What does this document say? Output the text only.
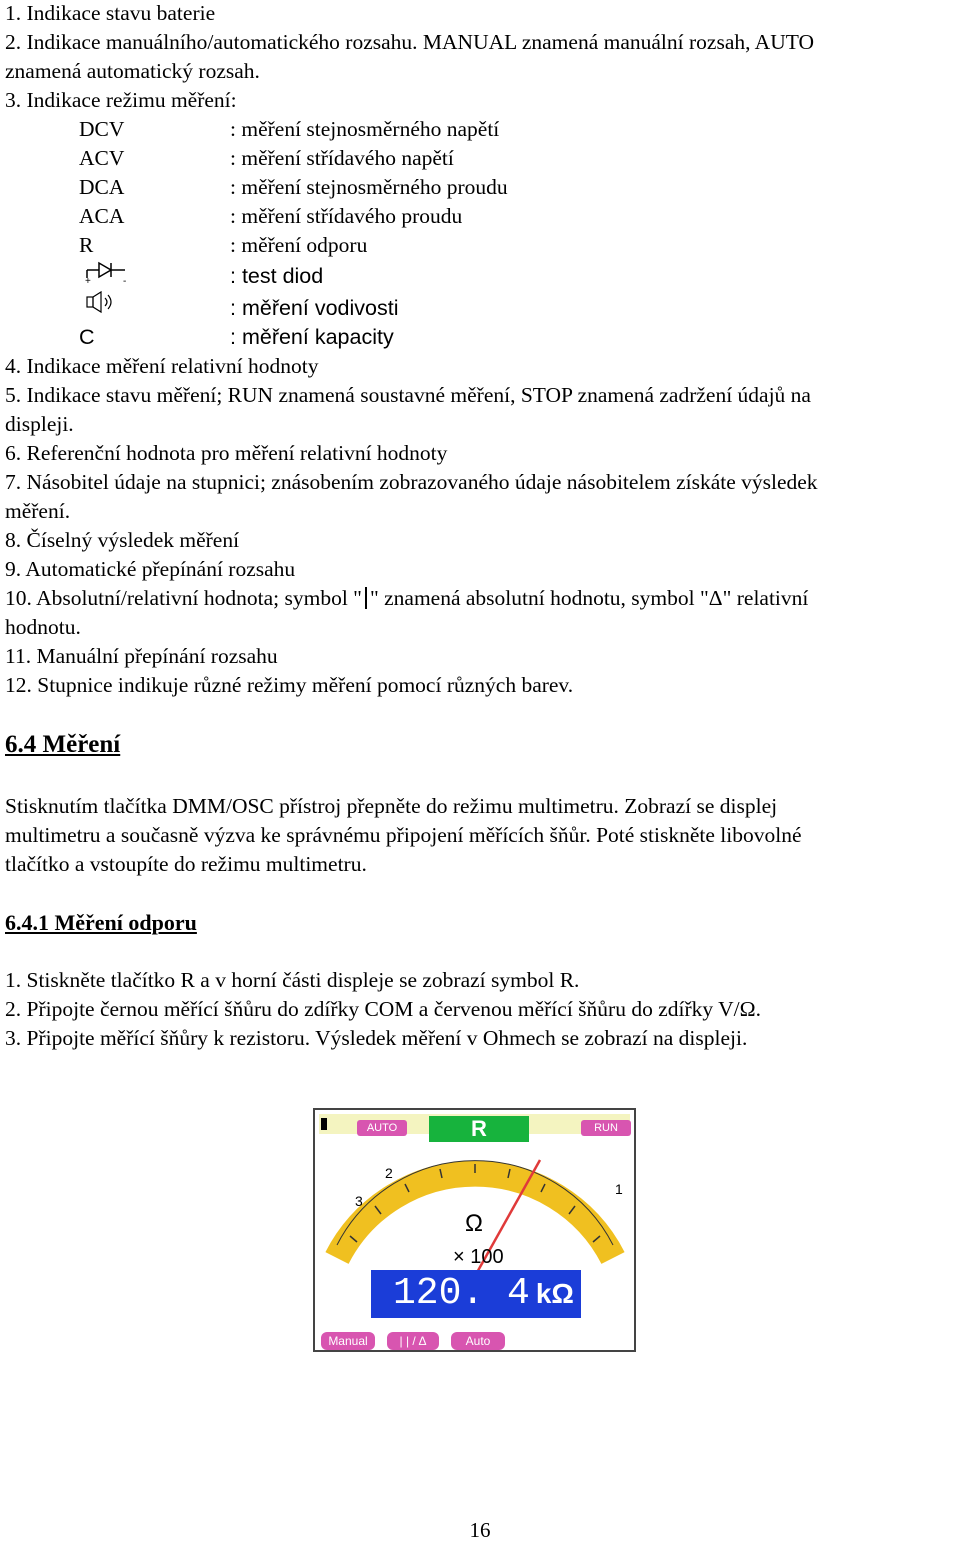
1. Indikace stavu baterie
2. Indikace manuálního/automatického rozsahu. MANUAL znamená manuální rozsah, AUTO
znamená automatický rozsah.
3. Indikace režimu měření:
DCV	: měření stejnosměrného napětí
ACV	: měření střídavého napětí
DCA	: měření stejnosměrného proudu
ACA	: měření střídavého proudu
R	: měření odporu
+	-	: test diod
: měření vodivosti
C	: měření kapacity
4. Indikace měření relativní hodnoty
5. Indikace stavu měření; RUN znamená soustavné měření, STOP znamená zadržení údajů na
displeji.
6. Referenční hodnota pro měření relativní hodnoty
7. Násobitel údaje na stupnici; znásobením zobrazovaného údaje násobitelem získáte výsledek
měření.
8. Číselný výsledek měření
9. Automatické přepínání rozsahu
10. Absolutní/relativní hodnota; symbol " " znamená absolutní hodnotu, symbol "Δ" relativní
hodnotu.
11. Manuální přepínání rozsahu
12. Stupnice indikuje různé režimy měření pomocí různých barev.
6.4 Měření
Stisknutím tlačítka DMM/OSC přístroj přepněte do režimu multimetru. Zobrazí se displej
multimetru a současně výzva ke správnému připojení měřících šňůr. Poté stiskněte libovolné
tlačítko a vstoupíte do režimu multimetru.
6.4.1 Měření odporu
1. Stiskněte tlačítko R a v horní části displeje se zobrazí symbol R.
2. Připojte černou měřící šňůru do zdířky COM a červenou měřící šňůru do zdířky V/Ω.
3. Připojte měřící šňůry k rezistoru. Výsledek měření v Ohmech se zobrazí na displeji.
AUTO	R	RUN
3
2
1
Ω
× 100
120. 4 kΩ
Manual	| | / Δ	Auto
16
